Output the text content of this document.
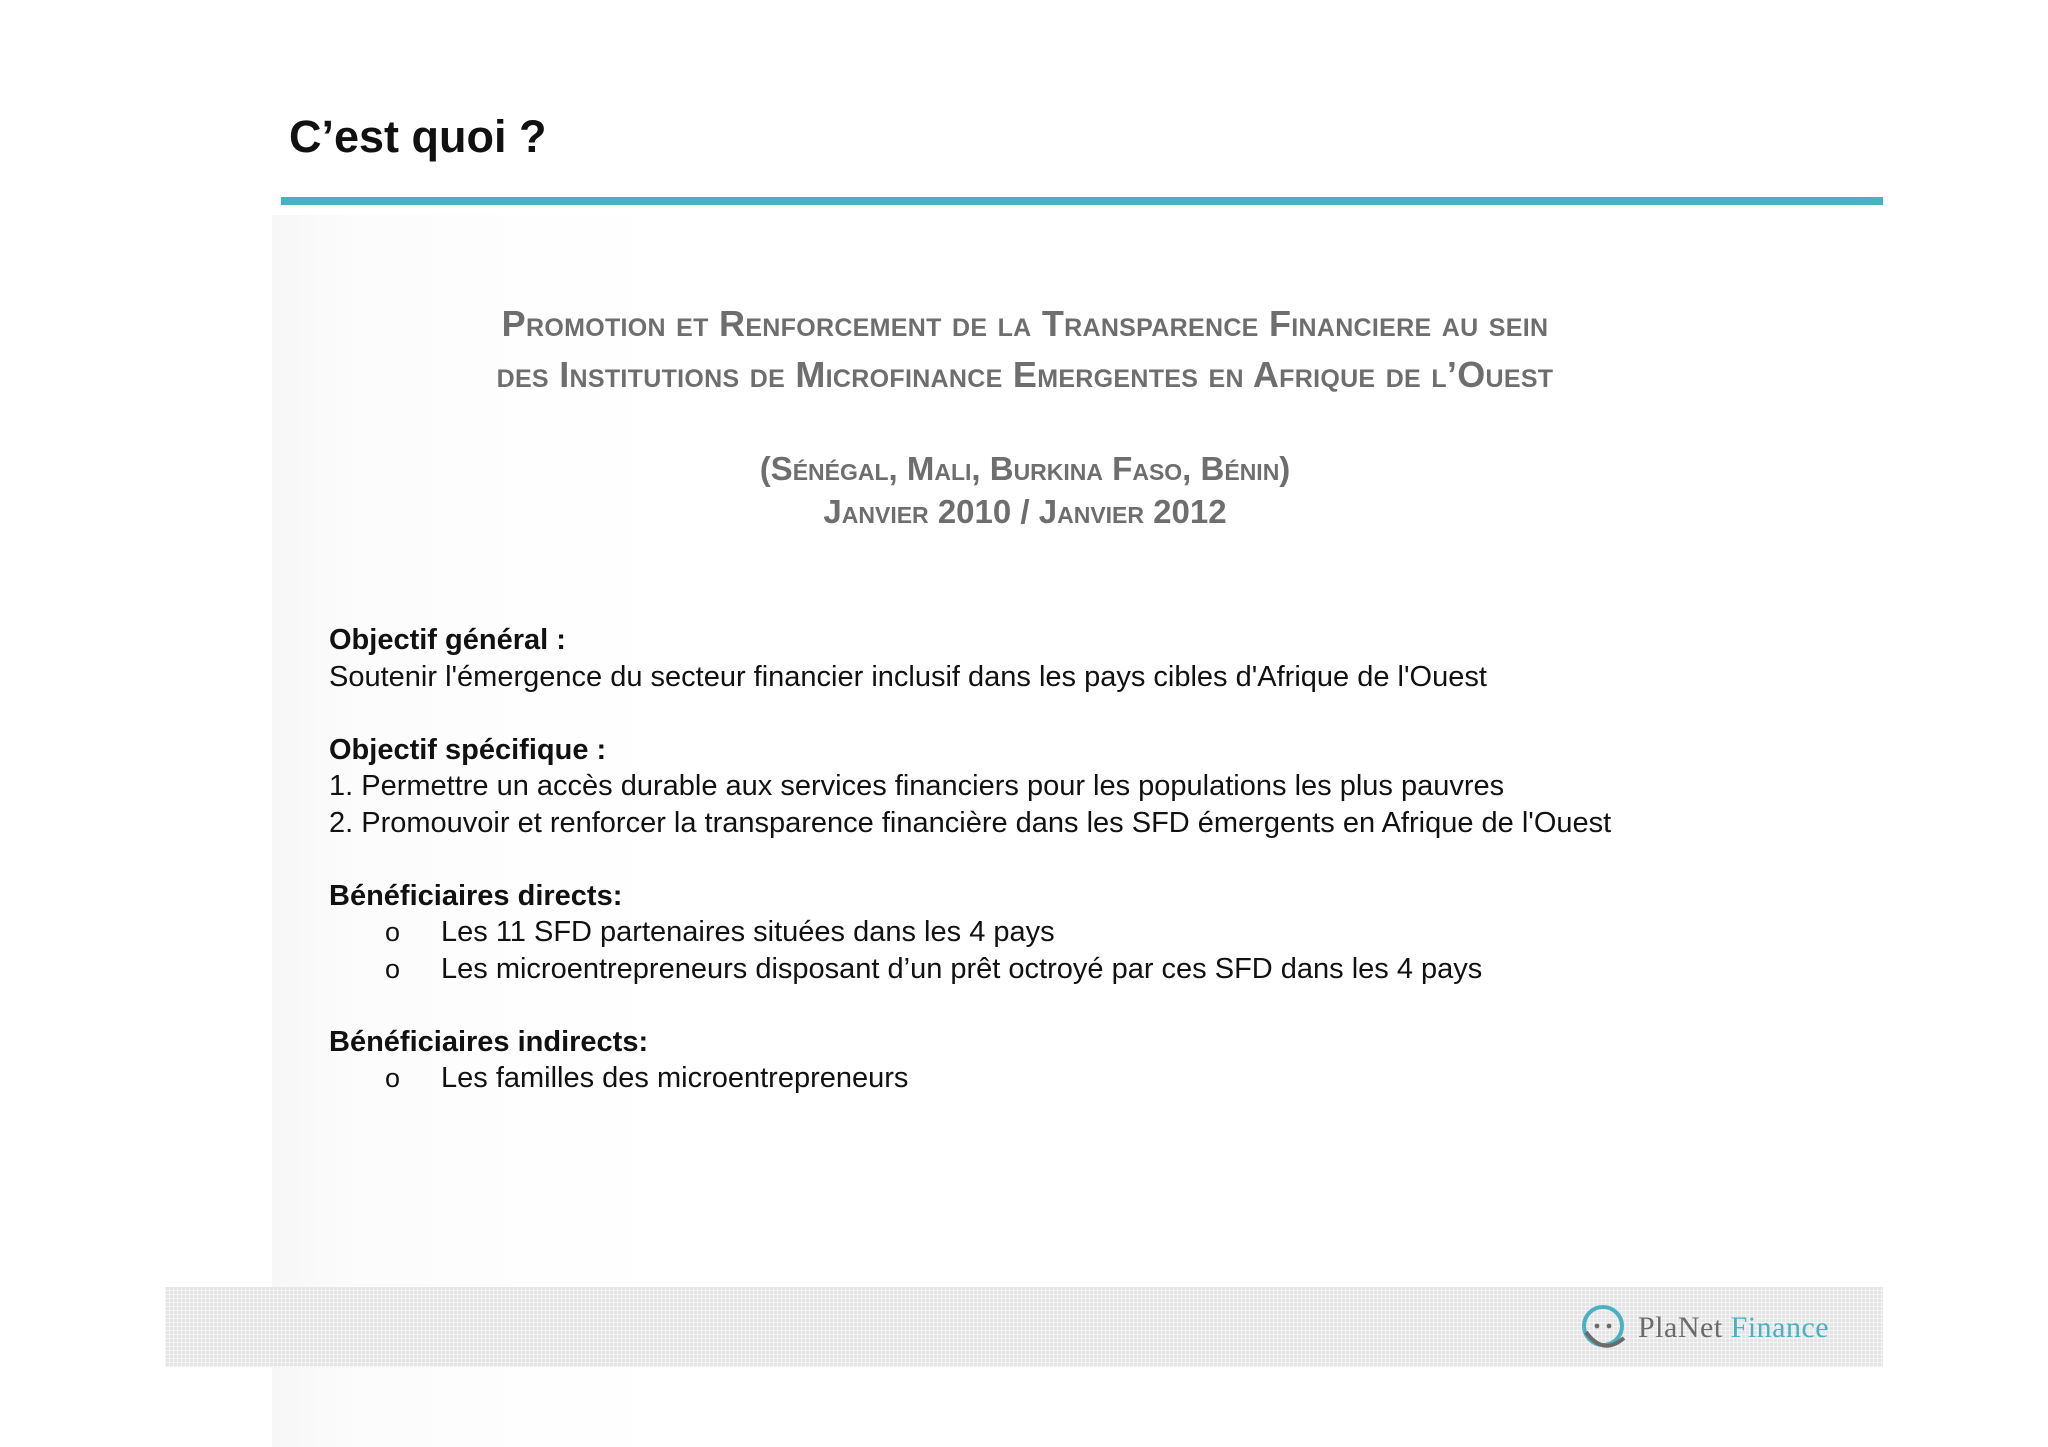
C’est quoi ?
Promotion et Renforcement de la Transparence Financiere au sein
des Institutions de Microfinance Emergentes en Afrique de l’Ouest
(Sénégal, Mali, Burkina Faso, Bénin)
Janvier 2010 / Janvier 2012
Objectif général :
Soutenir l'émergence du secteur financier inclusif dans les pays cibles d'Afrique de l'Ouest
Objectif spécifique :
1. Permettre un accès durable aux services financiers pour les populations les plus pauvres
2. Promouvoir et renforcer la transparence financière dans les SFD émergents en Afrique de l'Ouest
Bénéficiaires directs:
o Les 11 SFD partenaires situées dans les 4 pays
o Les microentrepreneurs disposant d’un prêt octroyé par ces SFD dans les 4 pays
Bénéficiaires indirects:
o Les familles des microentrepreneurs
PlaNet Finance
